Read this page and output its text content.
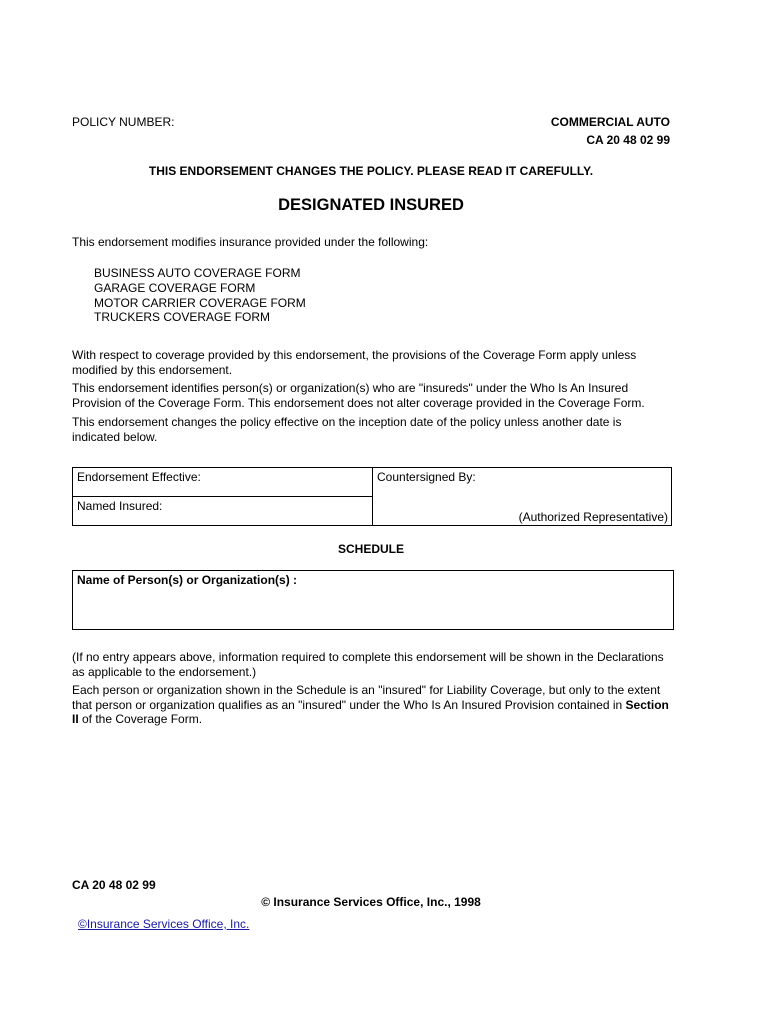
POLICY NUMBER:	COMMERCIAL AUTO
CA 20 48 02 99
THIS ENDORSEMENT CHANGES THE POLICY. PLEASE READ IT CAREFULLY.
DESIGNATED INSURED
This endorsement modifies insurance provided under the following:
BUSINESS AUTO COVERAGE FORM
GARAGE COVERAGE FORM
MOTOR CARRIER COVERAGE FORM
TRUCKERS COVERAGE FORM

With respect to coverage provided by this endorsement, the provisions of the Coverage Form apply unless modified by this endorsement.

This endorsement identifies person(s) or organization(s) who are "insureds" under the Who Is An Insured Provision of the Coverage Form. This endorsement does not alter coverage provided in the Coverage Form.

This endorsement changes the policy effective on the inception date of the policy unless another date is indicated below.

Endorsement Effective:
Named Insured:
Countersigned By:
(Authorized Representative)
SCHEDULE
Name of Person(s) or Organization(s) :

(If no entry appears above, information required to complete this endorsement will be shown in the Declarations as applicable to the endorsement.)

Each person or organization shown in the Schedule is an "insured" for Liability Coverage, but only to the extent that person or organization qualifies as an "insured" under the Who Is An Insured Provision contained in Section II of the Coverage Form.

CA 20 48 02 99
© Insurance Services Office, Inc., 1998
©Insurance Services Office, Inc.
